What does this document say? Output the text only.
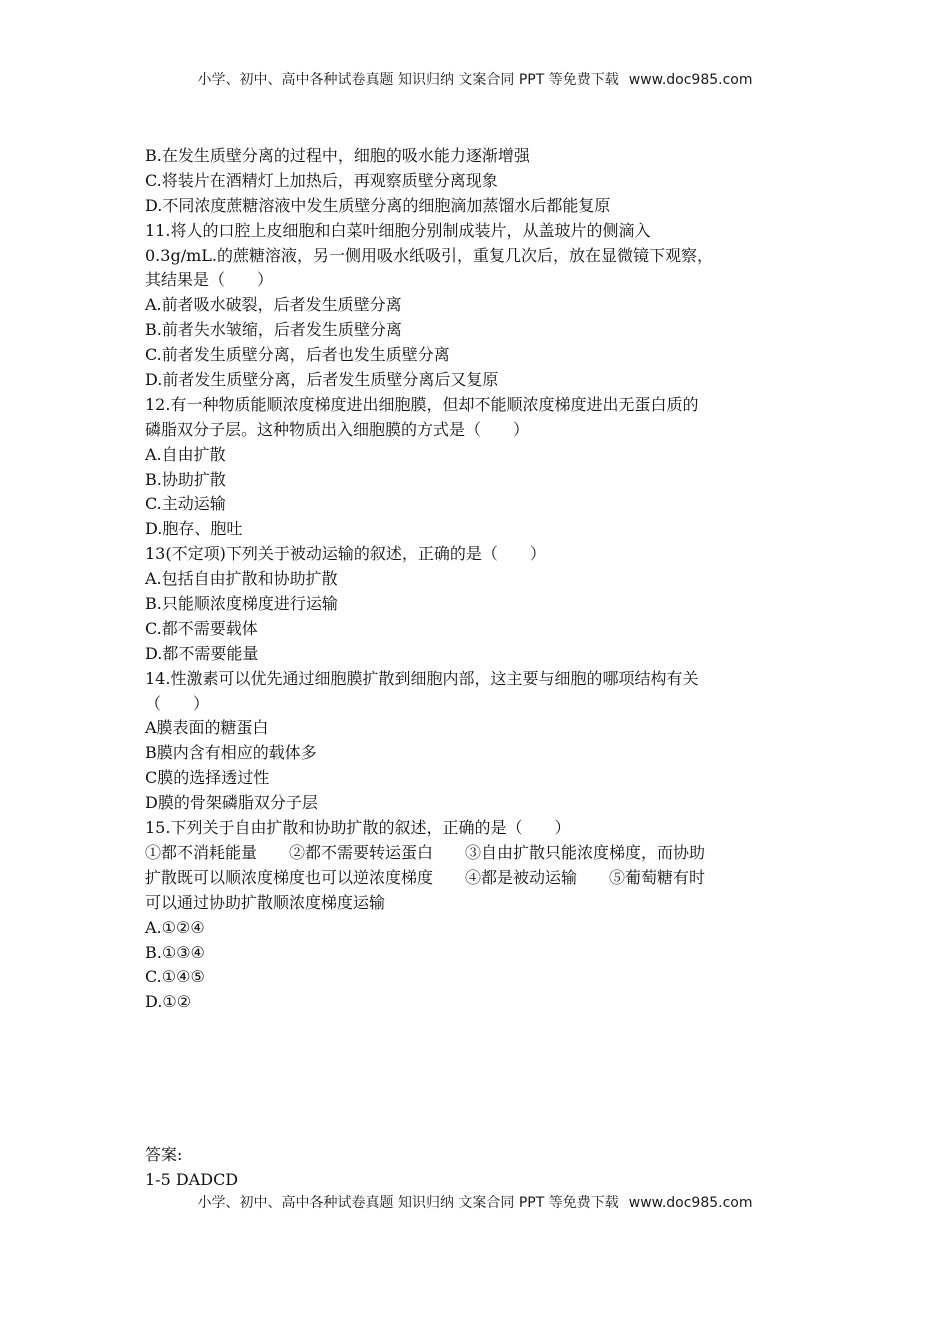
小学、初中、高中各种试卷真题 知识归纳 文案合同 PPT 等免费下载 www.doc985.com
B.在发生质壁分离的过程中，细胞的吸水能力逐渐增强
C.将装片在酒精灯上加热后，再观察质壁分离现象
D.不同浓度蔗糖溶液中发生质壁分离的细胞滴加蒸馏水后都能复原
11.将人的口腔上皮细胞和白菜叶细胞分别制成装片，从盖玻片的侧滴入
0.3g/mL.的蔗糖溶液，另一侧用吸水纸吸引，重复几次后，放在显微镜下观察，
其结果是（　　）
A.前者吸水破裂，后者发生质壁分离
B.前者失水皱缩，后者发生质壁分离
C.前者发生质壁分离，后者也发生质壁分离
D.前者发生质壁分离，后者发生质壁分离后又复原
12.有一种物质能顺浓度梯度进出细胞膜，但却不能顺浓度梯度进出无蛋白质的
磷脂双分子层。这种物质出入细胞膜的方式是（　　）
A.自由扩散
B.协助扩散
C.主动运输
D.胞存、胞吐
13(不定项)下列关于被动运输的叙述，正确的是（　　）
A.包括自由扩散和协助扩散
B.只能顺浓度梯度进行运输
C.都不需要载体
D.都不需要能量
14.性激素可以优先通过细胞膜扩散到细胞内部，这主要与细胞的哪项结构有关
（　　）
A膜表面的糖蛋白
B膜内含有相应的载体多
C膜的选择透过性
D膜的骨架磷脂双分子层
15.下列关于自由扩散和协助扩散的叙述，正确的是（　　）
①都不消耗能量　　②都不需要转运蛋白　　③自由扩散只能浓度梯度，而协助
扩散既可以顺浓度梯度也可以逆浓度梯度　　④都是被动运输　　⑤葡萄糖有时
可以通过协助扩散顺浓度梯度运输
A.①②④
B.①③④
C.①④⑤
D.①②
答案:
1-5 DADCD
小学、初中、高中各种试卷真题 知识归纳 文案合同 PPT 等免费下载 www.doc985.com
